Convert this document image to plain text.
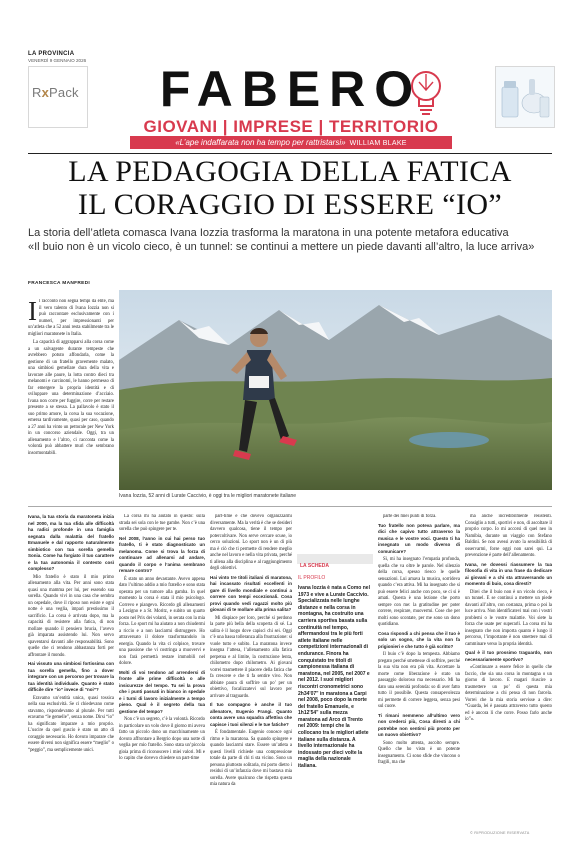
LA PROVINCIA
VENERDÌ 9 GENNAIO 2026
RxPack	FABERO
GIOVANI | IMPRESE | TERRITORIO
«L’ape indaffarata non ha tempo per rattristarsi» WILLIAM BLAKE
LA PEDAGOGIA DELLA FATICA
IL CORAGGIO DI ESSERE “IO”
La storia dell’atleta comasca Ivana Iozzia trasforma la maratona in una potente metafora educativa
«Il buio non è un vicolo cieco, è un tunnel: se continui a mettere un piede davanti all’altro, la luce arriva»
FRANCESCA MANFREDI
I l racconto non segna tempi da élite, ma il vero talento di Ivana Iozzia non si può raccontare esclusivamente con i numeri, per impressionanti per un’atleta che a 52 anni resta stabilmente tra le migliori maratonete in Italia.

La capacità di aggrapparsi alla corsa come a un salvagente durante tempeste che avrebbero potuto affondarla, come la gestione di un fratello gravemente malato, una simbiosi gemellare dura della vita e lavorare alle paure, la lotta contro dieci tra melanomi e carcinomi, le hanno permesso di far emergere la propria identità e di sviluppare una determinazione d’acciaio. Ivana non corre per fuggire, corre per restare presente a se stessa. La pallavolo è stato il suo primo amore, la corsa la sua vocazione, emersa tardivamente, quasi per caso, quando a 27 anni ha vinto un pettorale per New York in un concorso aziendale. Oggi, tra un allenamento e l’altro, ci racconta come la volontà può abbattere muri che sembrano insormontabili.

Ivana Iozzia, 52 anni di Lurate Caccivio, è oggi tra le migliori maratonete italiane

Ivana, la tua storia da maratoneta inizia nel 2000, ma la tua sfida alle difficoltà ha radici profonde in una famiglia segnata dalla malattia del fratello Emanuele e dal rapporto naturalmente simbiotico con tua sorella gemella Sonia. Come ha forgiato il tuo carattere e la tua autonomia il contesto così complesso?

Mio fratello è stato il mio primo allenamento alla vita. Per anni sono stata quasi una mamma per lui, per essendo sua sorella. Quando vivi in una casa che sembra un ospedale, dove il riposo non esiste e ogni notte è una veglia, impari prestissimo il sacrificio. La corsa è arrivata dopo, ma la capacità di resistere alla fatica, di non mollare quando il pensiero brucia, l’avevo già imparata assistendo lui. Non servo spaventarsi davanti alle responsabilità. Sono quelle che ci rendono abbastanza forti per affrontare il mondo.

Hai vissuto una simbiosi fortissima con tua sorella gemella, fino a dover integrare con un percorso per trovare la tua identità individuale. Quanto è stato difficile dire “io” invece di “noi”?

Eravamo un’entità unica, quasi tossica nella sua esclusività. Se ci chiedevano come stavamo, rispondevamo al plurale. Per tutti eravamo “le gemelle”, senza nome. Dirsi “io” ha significato imparare a mio proprio. L’uscire da quel guscio è stato un atto di coraggio necessario. Ho dovuto imparare che essere diversi non significa essere “meglio” o “peggio”, ma semplicemente unici.

La corsa mi ha aiutato in questo: sulla strada sei sola con le tue gambe. Non c’è una sorella che può spingere per te.

Nel 2008, l’anno in cui hai perso tuo fratello, ti è stato diagnosticato un melanoma. Come si trova la forza di continuare ad allenarsi ad andare, quando il corpo e l’anima sembrano remare contro?

È stato un anno devastante. Avevo appena dato l’ultimo addio a mio fratello e sono stata operata per un tumore alla gamba. In quel momento la corsa è stata il mio psicologo. Correvo e piangevo. Ricordo gli allenamenti a Lezigno e a St. Moritz, e subito un quarto posto nel Prix dei volanti, in serata con la mia forza. Lo sport mi ha aiutato a non chiudermi a riccio e a non lasciarmi distruggere. Ho attraversato il dolore trasformandolo in energia. Quando la vita ci colpisce, trovare una passione che vi costringa a muovervi e non farà permettà restare immobili nel dolore.

Molti di voi tendono ad arrendersi di fronte alle prime difficoltà o alle insicurezze del tempo. Tu sei la prova che i punti passati in bianco in spedale e i turni di lavoro inizialmente a tempo pieno. Qual è il segreto della tua gestione del tempo?

Non c’è un segreto, c’è la volontà. Ricordo in particolare un volo dove il giorno mi aveva fatto un piccolo dono un macchinamente un dovuto affrontare a Bergrio dopo una notte di veglia per mio fratello. Sono stata un’piccola gioia prima di riconoscere i miei valori. Mi e lo capito che dovevo chiedere un part-time

part-time e che dovevo organizzarmi diversamente. Ma la verità è che se desideri davvero qualcosa, tiene il tempo per potercoltivare. Non serve cercare scuse, io cerco soluzioni. Lo sport non è un di più ma è ciò che ti permette di rendere meglio anche nel lavoro e nella vita privata, perché ti allena alla disciplina e al raggiungimento degli obiettivi.

Hai vinto tre titoli italiani di maratona, hai incassato risultati eccellenti in gare di livello mondiale e continui a correre con tempi eccezionali. Cosa provi quando vedi ragazzi molto più giovani di te mollare alla prima salita?

Mi dispiace per loro, perché si perdono la parte più bella della scoperta di sé. La salita è il luogo dove capisci chi sei. Oggi c’è una bassa tolleranza alla frustrazione: si vuole tutto e subito. La maratona invece insegna l’attesa, l’allenamento alla fatica perpetua e al limite, la costruzione lenta, chilometro dopo chilometro. Ai giovani vorrei trasmettere il piacere della fatica che fa crescere e che ti fa sentire vivo. Non abbiate paura di soffrire un po’ per un obiettivo, focalizzatevi sul lavoro per arrivare al traguardo.

Il tuo compagno è anche il tuo allenatore, Eugenio Frangi. Quanto conta avere una squadra affettiva che capisce i tuoi silenzi e le tue fatiche?

È fondamentale. Eugenio conosce ogni ritmo e la maratona. Sa quando spingere e quando lasciarmi stare. Essere un’atleta a questi livelli richiede una compressione totale da parte di chi ti sta vicino. Sono un persona piuttosto solitaria, mi porto dietro i residui di un’infanzia dove mi bastava mia sorella. Avere qualcuno che rispetta questa mia natura da

LA SCHEDA
IL PROFILO
Ivana Iozzia è nata a Como nel 1973 e vive a Lurate Caccivio. Specializzata nelle lunghe distanze e nella corsa in montagna, ha costruito una carriera sportiva basata sulla continuità nel tempo, affermandosi tra le più forti atlete italiane nelle competizioni internazionali di endurance. Finora ha conquistato tre titoli di campionessa italiana di maratona, nel 2005, nel 2007 e nel 2012. I suoi migliori riscontri cronometrici sono 2h34'07" in maratona a Carpi nel 2008, poco dopo la morte del fratello Emanuele, e 1h12'54" sulla mezza maratona ad Arco di Trento nel 2009: tempi che la collocano tra le migliori atlete italiane sulla distanza. A livello internazionale ha indossato per dieci volte la maglia della nazionale italiana.

parte dei miei punti di forza.

Tuo fratello non poteva parlare, ma dici che capivo tutto attraverso la musica e le vostre voci. Questo ti ha insegnato un modo diverso di comunicare?

Sì, mi ha insegnato l’empatia profonda, quella che va oltre le parole. Nel silenzio della corsa, spesso riesco le quelle sensazioni. Lui amava la musica, sorrideva quando c’era attiva. Mi ha insegnato che si può essere felici anche con poco, se ci si è amati. Questa è una lezione che porto sempre con me: la gratitudine per poter correre, respirare, muovermi. Cose che per molti sono scontate, per me sono un dono quotidiano.

Cosa rispondi a chi pensa che il tuo è solo un sogno, che la vita non fa prigionieri e che tutto è già scritto?

Il buio c’è dopo la tempesta. Abbiamo pregato perché smettesse di soffrire, perché la sua vita non era più vita. Accettare la morte come liberazione è stato un passaggio doloroso ma necessario. Mi ha dato una serenità profonda: so di aver fatto tutto il possibile. Questa consapevolezza mi permette di correre leggera, senza pesi sul cuore.

Ti rimani nemmeno all’ultimo vero non crederci più, Cosa diresti a chi potrebbe non sentirsi più pronto per un nuovo obiettivo?

Sono molto attenta, ascolto sempre. Quello che ho visto è un potente insegnamento. Ci sono sfide che vincono o fragili, ma che

ma anche incredibilmente resistenti. Consiglio a tutti, sportivi e non, di ascoltare il proprio corpo. Io mi accorsi di quel neo in Namibia, durante un viaggio con Stefano Baldini. Se non avessi avuto la sensibilità di osservarmi, forse oggi non sarei qui. La prevenzione è parte dell’allenamento.

Ivana, ne dovessi riassumere la tua filosofia di vita in una frase da dedicare ai giovani e a chi sta attraversando un momento di buio, cosa diresti?

Direi che il buio non è un vicolo cieco, è un tunnel. E se continui a mettere un piede davanti all’altro, con costanza, prima o poi la luce arriva. Non identificatevi mai con i vostri problemi o le vostre malattie. Voi siete la forza che usate per superarli. La corsa mi ha insegnato che non importa quanto è lungo il percorso, l’importante è non smettere mai di camminare verso la propria identità.

Qual è il tuo prossimo traguardo, non necessariamente sportivo?

«Continuare a essere felice in quello che faccio, che sia una corsa in montagna o un giorno di lavoro. E magari riuscire a trasmettere un po’ di questa mia determinazione a chi pensa di non farcela. Vorrei che la mia storia servisse a dire: “Guarda, lei è passata attraverso tutto questo ed è ancora lì che corre. Posso farlo anche io”».

© RIPRODUZIONE RISERVATA
